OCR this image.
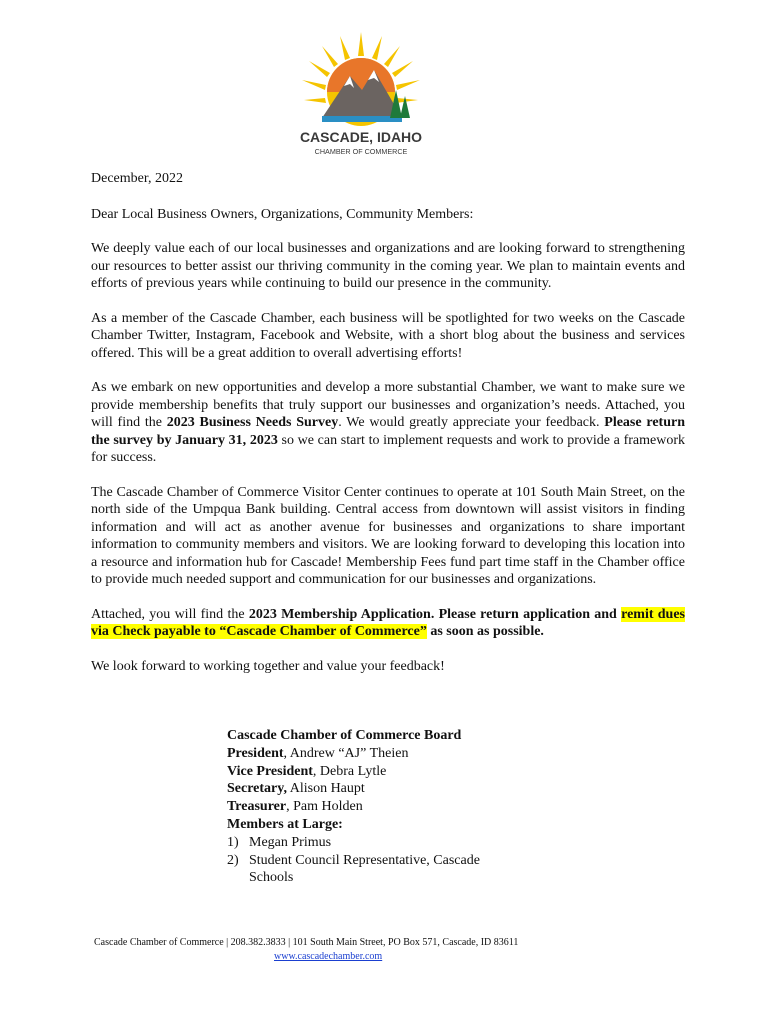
CASCADE, IDAHO
CHAMBER OF COMMERCE

December, 2022

Dear Local Business Owners, Organizations, Community Members:

We deeply value each of our local businesses and organizations and are looking forward to strengthening our resources to better assist our thriving community in the coming year. We plan to maintain events and efforts of previous years while continuing to build our presence in the community.

As a member of the Cascade Chamber, each business will be spotlighted for two weeks on the Cascade Chamber Twitter, Instagram, Facebook and Website, with a short blog about the business and services offered. This will be a great addition to overall advertising efforts!

As we embark on new opportunities and develop a more substantial Chamber, we want to make sure we provide membership benefits that truly support our businesses and organization’s needs. Attached, you will find the 2023 Business Needs Survey. We would greatly appreciate your feedback. Please return the survey by January 31, 2023 so we can start to implement requests and work to provide a framework for success.

The Cascade Chamber of Commerce Visitor Center continues to operate at 101 South Main Street, on the north side of the Umpqua Bank building. Central access from downtown will assist visitors in finding information and will act as another avenue for businesses and organizations to share important information to community members and visitors. We are looking forward to developing this location into a resource and information hub for Cascade! Membership Fees fund part time staff in the Chamber office to provide much needed support and communication for our businesses and organizations.

Attached, you will find the 2023 Membership Application. Please return application and remit dues via Check payable to “Cascade Chamber of Commerce” as soon as possible.

We look forward to working together and value your feedback!

Cascade Chamber of Commerce Board
President, Andrew “AJ” Theien
Vice President, Debra Lytle
Secretary, Alison Haupt
Treasurer, Pam Holden
Members at Large:
1) Megan Primus
2) Student Council Representative, Cascade
Schools
Cascade Chamber of Commerce | 208.382.3833 | 101 South Main Street, PO Box 571, Cascade, ID 83611
www.cascadechamber.com
